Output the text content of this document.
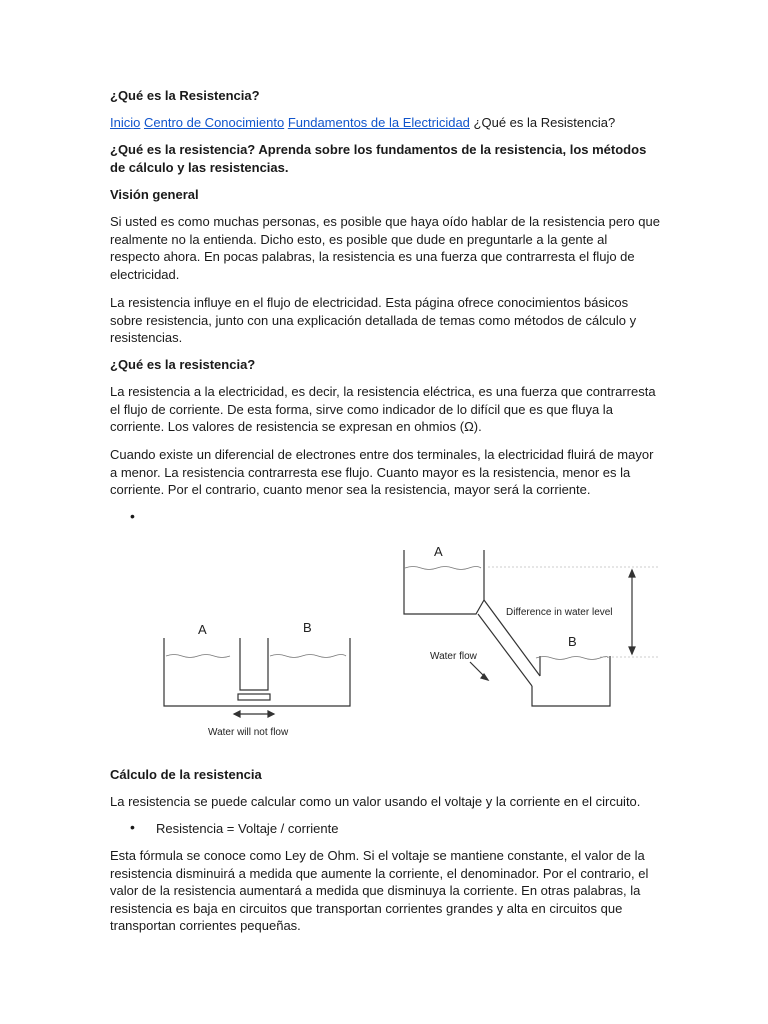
¿Qué es la Resistencia?

Inicio Centro de Conocimiento Fundamentos de la Electricidad ¿Qué es la Resistencia?

¿Qué es la resistencia? Aprenda sobre los fundamentos de la resistencia, los métodos de cálculo y las resistencias.

Visión general

Si usted es como muchas personas, es posible que haya oído hablar de la resistencia pero que realmente no la entienda. Dicho esto, es posible que dude en preguntarle a la gente al respecto ahora. En pocas palabras, la resistencia es una fuerza que contrarresta el flujo de electricidad.

La resistencia influye en el flujo de electricidad. Esta página ofrece conocimientos básicos sobre resistencia, junto con una explicación detallada de temas como métodos de cálculo y resistencias.

¿Qué es la resistencia?

La resistencia a la electricidad, es decir, la resistencia eléctrica, es una fuerza que contrarresta el flujo de corriente. De esta forma, sirve como indicador de lo difícil que es que fluya la corriente. Los valores de resistencia se expresan en ohmios (Ω).

Cuando existe un diferencial de electrones entre dos terminales, la electricidad fluirá de mayor a menor. La resistencia contrarresta ese flujo. Cuanto mayor es la resistencia, menor es la corriente. Por el contrario, cuanto menor sea la resistencia, mayor será la corriente.

•

Cálculo de la resistencia

La resistencia se puede calcular como un valor usando el voltaje y la corriente en el circuito.

• Resistencia = Voltaje / corriente

Esta fórmula se conoce como Ley de Ohm. Si el voltaje se mantiene constante, el valor de la resistencia disminuirá a medida que aumente la corriente, el denominador. Por el contrario, el valor de la resistencia aumentará a medida que disminuya la corriente. En otras palabras, la resistencia es baja en circuitos que transportan corrientes grandes y alta en circuitos que transportan corrientes pequeñas.

A	B
Water will not flow
A
B
Difference in water level
Water flow
